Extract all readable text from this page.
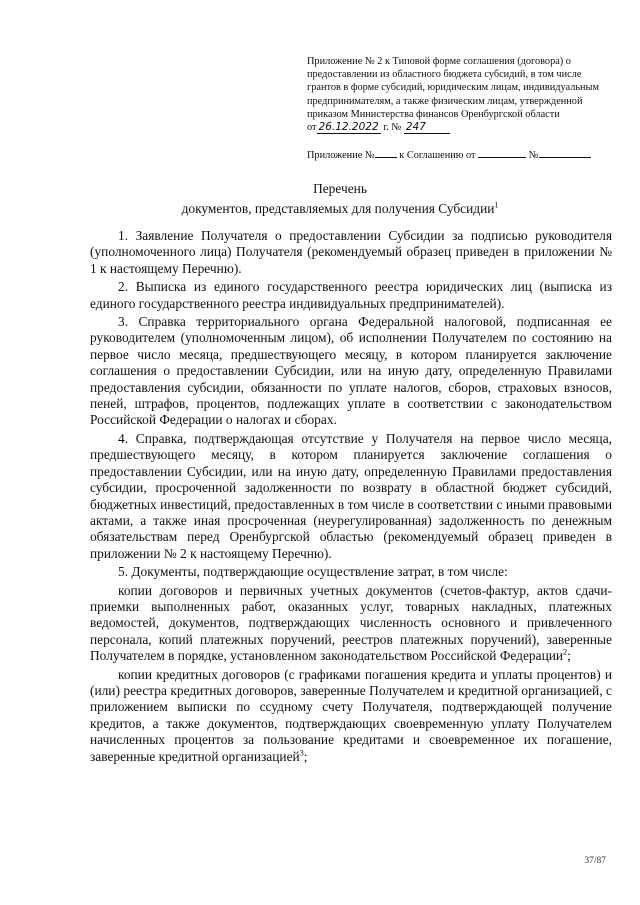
Приложение № 2 к Типовой форме соглашения (договора) о предоставлении из областного бюджета субсидий, в том числе грантов в форме субсидий, юридическим лицам, индивидуальным предпринимателям, а также физическим лицам, утвержденной приказом Министерства финансов Оренбургской области от 26.12.2022 г. № 247
Приложение № к Соглашению от	№
Перечень
документов, представляемых для получения Субсидии$^1$

1. Заявление Получателя о предоставлении Субсидии за подписью руководителя (уполномоченного лица) Получателя (рекомендуемый образец приведен в приложении № 1 к настоящему Перечню).

2. Выписка из единого государственного реестра юридических лиц (выписка из единого государственного реестра индивидуальных предпринимателей).

3. Справка территориального органа Федеральной налоговой, подписанная ее руководителем (уполномоченным лицом), об исполнении Получателем по состоянию на первое число месяца, предшествующего месяцу, в котором планируется заключение соглашения о предоставлении Субсидии, или на иную дату, определенную Правилами предоставления субсидии, обязанности по уплате налогов, сборов, страховых взносов, пеней, штрафов, процентов, подлежащих уплате в соответствии с законодательством Российской Федерации о налогах и сборах.

4. Справка, подтверждающая отсутствие у Получателя на первое число месяца, предшествующего месяцу, в котором планируется заключение соглашения о предоставлении Субсидии, или на иную дату, определенную Правилами предоставления субсидии, просроченной задолженности по возврату в областной бюджет субсидий, бюджетных инвестиций, предоставленных в том числе в соответствии с иными правовыми актами, а также иная просроченная (неурегулированная) задолженность по денежным обязательствам перед Оренбургской областью (рекомендуемый образец приведен в приложении № 2 к настоящему Перечню).

5. Документы, подтверждающие осуществление затрат, в том числе:

копии договоров и первичных учетных документов (счетов-фактур, актов сдачи-приемки выполненных работ, оказанных услуг, товарных накладных, платежных ведомостей, документов, подтверждающих численность основного и привлеченного персонала, копий платежных поручений, реестров платежных поручений), заверенные Получателем в порядке, установленном законодательством Российской Федерации$^2$;

копии кредитных договоров (с графиками погашения кредита и уплаты процентов) и (или) реестра кредитных договоров, заверенные Получателем и кредитной организацией, с приложением выписки по ссудному счету Получателя, подтверждающей получение кредитов, а также документов, подтверждающих своевременную уплату Получателем начисленных процентов за пользование кредитами и своевременное их погашение, заверенные кредитной организацией$^3$;

37/87
